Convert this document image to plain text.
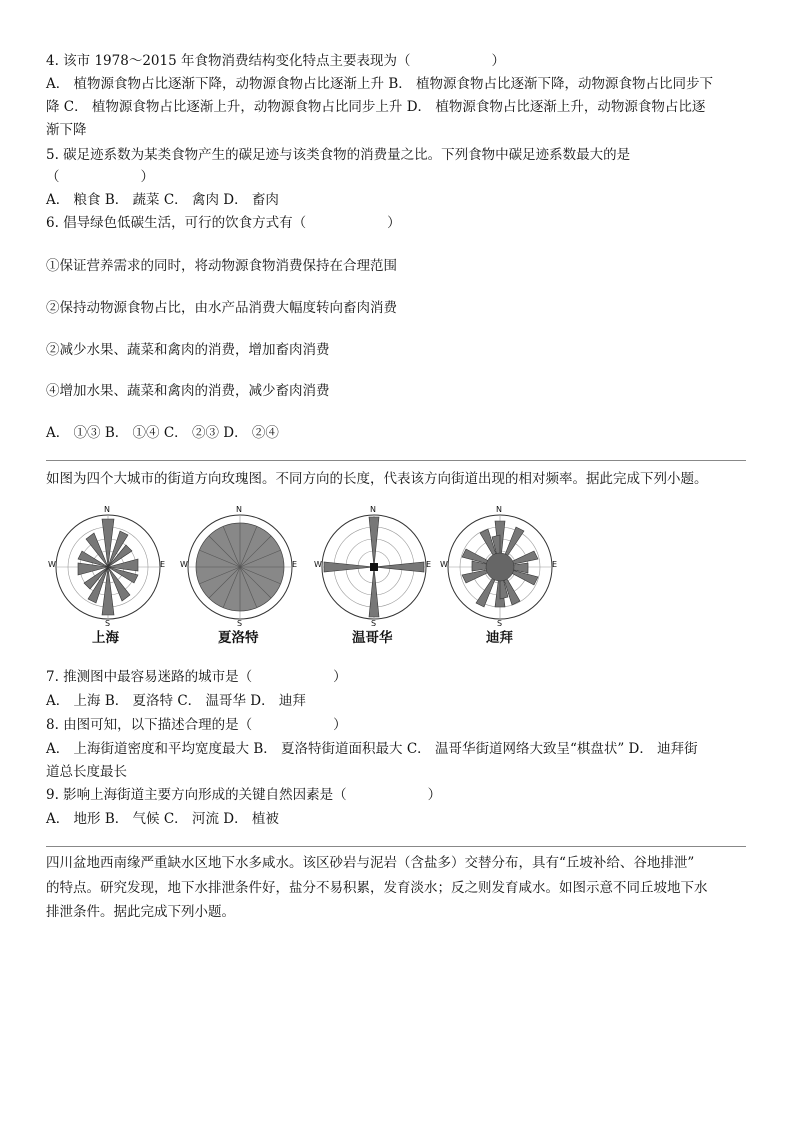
4. 该市 1978～2015 年食物消费结构变化特点主要表现为（　　　　　　）
A． 植物源食物占比逐渐下降，动物源食物占比逐渐上升 B． 植物源食物占比逐渐下降，动物源食物占比同步下
降 C． 植物源食物占比逐渐上升，动物源食物占比同步上升 D． 植物源食物占比逐渐上升，动物源食物占比逐
渐下降
5. 碳足迹系数为某类食物产生的碳足迹与该类食物的消费量之比。下列食物中碳足迹系数最大的是
（　　　　　　）
A． 粮食 B． 蔬菜 C． 禽肉 D． 畜肉
6. 倡导绿色低碳生活，可行的饮食方式有（　　　　　　）
①保证营养需求的同时，将动物源食物消费保持在合理范围
②保持动物源食物占比，由水产品消费大幅度转向畜肉消费
②减少水果、蔬菜和禽肉的消费，增加畜肉消费
④增加水果、蔬菜和禽肉的消费，减少畜肉消费
A． ①③ B． ①④ C． ②③ D． ②④
如图为四个大城市的街道方向玫瑰图。不同方向的长度，代表该方向街道出现的相对频率。据此完成下列小题。
N
S
E
W
N
S
E
W
N
S
E
W
N
S
E
W
上海	夏洛特	温哥华	迪拜
7. 推测图中最容易迷路的城市是（　　　　　　）
A． 上海 B． 夏洛特 C． 温哥华 D． 迪拜
8. 由图可知，以下描述合理的是（　　　　　　）
A． 上海街道密度和平均宽度最大 B． 夏洛特街道面积最大 C． 温哥华街道网络大致呈“棋盘状” D． 迪拜街
道总长度最长
9. 影响上海街道主要方向形成的关键自然因素是（　　　　　　）
A． 地形 B． 气候 C． 河流 D． 植被
四川盆地西南缘严重缺水区地下水多咸水。该区砂岩与泥岩（含盐多）交替分布，具有“丘坡补给、谷地排泄”
的特点。研究发现，地下水排泄条件好，盐分不易积累，发育淡水；反之则发育咸水。如图示意不同丘坡地下水
排泄条件。据此完成下列小题。
